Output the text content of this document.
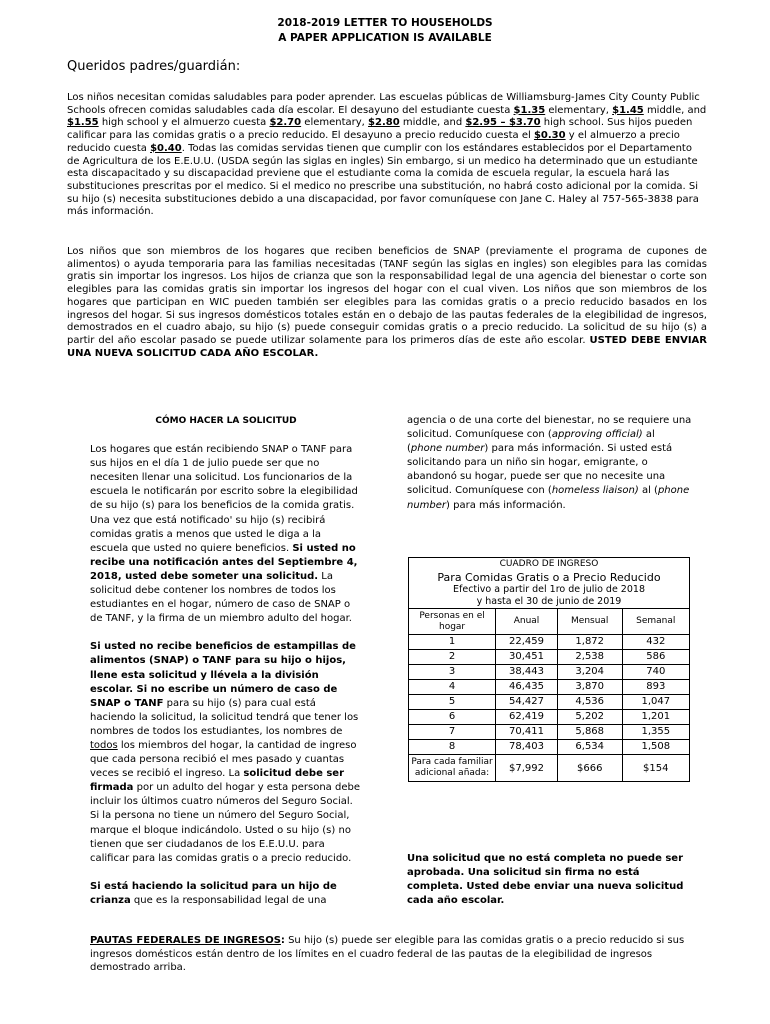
2018-2019 LETTER TO HOUSEHOLDS
A PAPER APPLICATION IS AVAILABLE
Queridos padres/guardián:
Los niños necesitan comidas saludables para poder aprender. Las escuelas públicas de Williamsburg-James City County Public Schools ofrecen comidas saludables cada día escolar. El desayuno del estudiante cuesta $1.35 elementary, $1.45 middle, and $1.55 high school y el almuerzo cuesta $2.70 elementary, $2.80 middle, and $2.95 – $3.70 high school. Sus hijos pueden calificar para las comidas gratis o a precio reducido. El desayuno a precio reducido cuesta el $0.30 y el almuerzo a precio reducido cuesta $0.40. Todas las comidas servidas tienen que cumplir con los estándares establecidos por el Departamento de Agricultura de los E.E.U.U. (USDA según las siglas en ingles) Sin embargo, si un medico ha determinado que un estudiante esta discapacitado y su discapacidad previene que el estudiante coma la comida de escuela regular, la escuela hará las substituciones prescritas por el medico. Si el medico no prescribe una substitución, no habrá costo adicional por la comida. Si su hijo (s) necesita substituciones debido a una discapacidad, por favor comuníquese con Jane C. Haley al 757-565-3838 para más información.
Los niños que son miembros de los hogares que reciben beneficios de SNAP (previamente el programa de cupones de alimentos) o ayuda temporaria para las familias necesitadas (TANF según las siglas en ingles) son elegibles para las comidas gratis sin importar los ingresos. Los hijos de crianza que son la responsabilidad legal de una agencia del bienestar o corte son elegibles para las comidas gratis sin importar los ingresos del hogar con el cual viven. Los niños que son miembros de los hogares que participan en WIC pueden también ser elegibles para las comidas gratis o a precio reducido basados en los ingresos del hogar. Si sus ingresos domésticos totales están en o debajo de las pautas federales de la elegibilidad de ingresos, demostrados en el cuadro abajo, su hijo (s) puede conseguir comidas gratis o a precio reducido. La solicitud de su hijo (s) a partir del año escolar pasado se puede utilizar solamente para los primeros días de este año escolar. USTED DEBE ENVIAR UNA NUEVA SOLICITUD CADA AÑO ESCOLAR.
CÓMO HACER LA SOLICITUD

Los hogares que están recibiendo SNAP o TANF para sus hijos en el día 1 de julio puede ser que no necesiten llenar una solicitud. Los funcionarios de la escuela le notificarán por escrito sobre la elegibilidad de su hijo (s) para los beneficios de la comida gratis. Una vez que está notificado' su hijo (s) recibirá comidas gratis a menos que usted le diga a la escuela que usted no quiere beneficios. Si usted no recibe una notificación antes del Septiembre 4, 2018, usted debe someter una solicitud. La solicitud debe contener los nombres de todos los estudiantes en el hogar, número de caso de SNAP o de TANF, y la firma de un miembro adulto del hogar.

Si usted no recibe beneficios de estampillas de alimentos (SNAP) o TANF para su hijo o hijos, llene esta solicitud y llévela a la división escolar. Si no escribe un número de caso de SNAP o TANF para su hijo (s) para cual está haciendo la solicitud, la solicitud tendrá que tener los nombres de todos los estudiantes, los nombres de todos los miembros del hogar, la cantidad de ingreso que cada persona recibió el mes pasado y cuantas veces se recibió el ingreso. La solicitud debe ser firmada por un adulto del hogar y esta persona debe incluir los últimos cuatro números del Seguro Social. Si la persona no tiene un número del Seguro Social, marque el bloque indicándolo. Usted o su hijo (s) no tienen que ser ciudadanos de los E.E.U.U. para calificar para las comidas gratis o a precio reducido.

Si está haciendo la solicitud para un hijo de crianza que es la responsabilidad legal de una

agencia o de una corte del bienestar, no se requiere una solicitud. Comuníquese con (approving official) al (phone number) para más información. Si usted está solicitando para un niño sin hogar, emigrante, o abandonó su hogar, puede ser que no necesite una solicitud. Comuníquese con (homeless liaison) al (phone number) para más información.

CUADRO DE INGRESO			
Para Comidas Gratis o a Precio Reducido			
Efectivo a partir del 1ro de julio de 2018
y hasta el 30 de junio de 2019			
Personas en el hogar	Anual	Mensual	Semanal
1	22,459	1,872	432
2	30,451	2,538	586
3	38,443	3,204	740
4	46,435	3,870	893
5	54,427	4,536	1,047
6	62,419	5,202	1,201
7	70,411	5,868	1,355
8	78,403	6,534	1,508
Para cada familiar adicional añada:	$7,992	$666	$154
Una solicitud que no está completa no puede ser aprobada. Una solicitud sin firma no está completa. Usted debe enviar una nueva solicitud cada año escolar.
PAUTAS FEDERALES DE INGRESOS: Su hijo (s) puede ser elegible para las comidas gratis o a precio reducido si sus ingresos domésticos están dentro de los límites en el cuadro federal de las pautas de la elegibilidad de ingresos demostrado arriba.
